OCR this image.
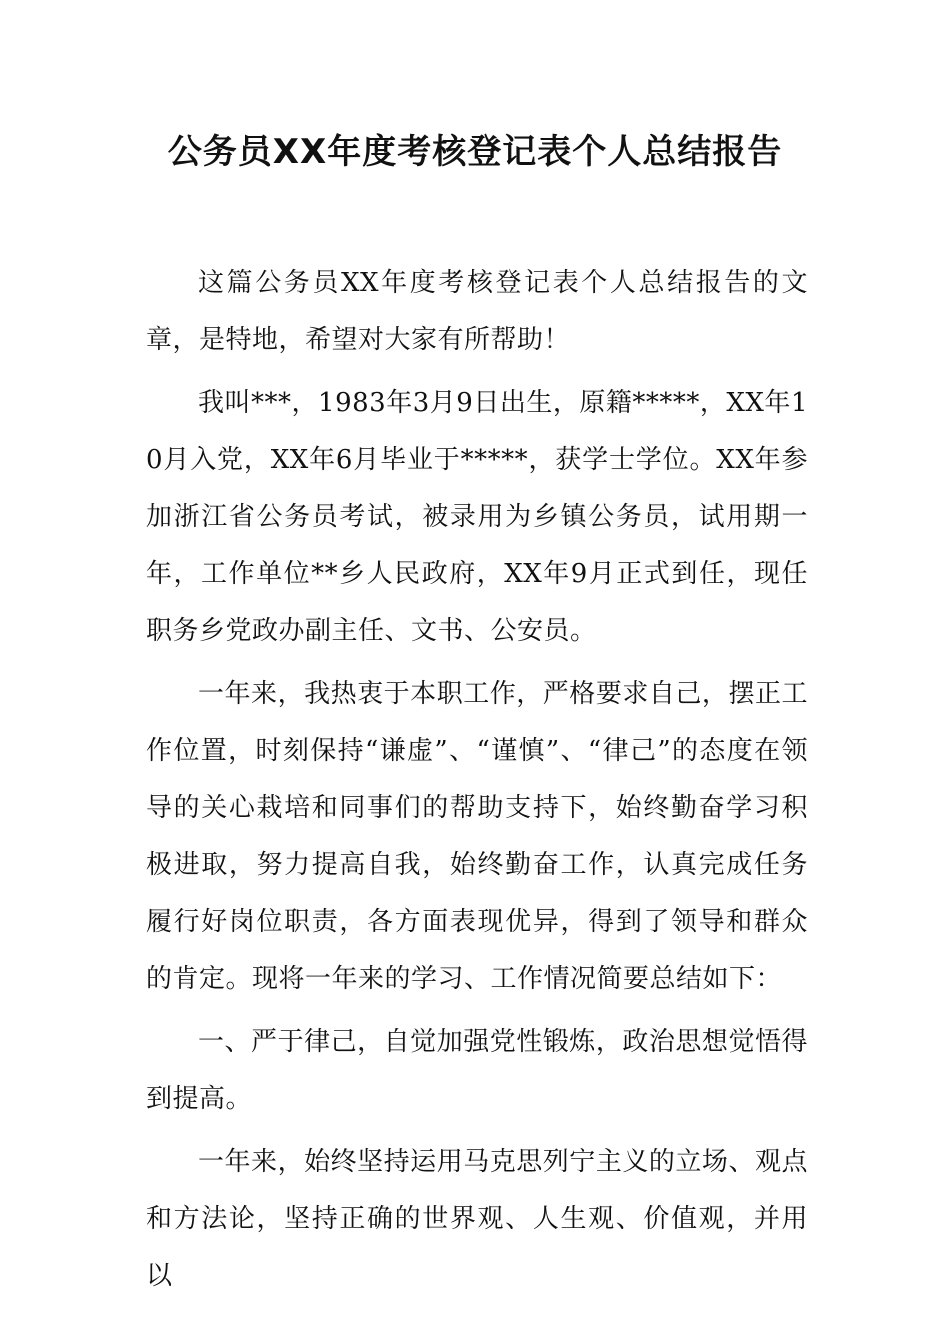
公务员XX年度考核登记表个人总结报告

这篇公务员XX年度考核登记表个人总结报告的文章，是特地，希望对大家有所帮助！

我叫***，1983年3月9日出生，原籍*****，XX年10月入党，XX年6月毕业于*****，获学士学位。XX年参加浙江省公务员考试，被录用为乡镇公务员，试用期一年，工作单位**乡人民政府，XX年9月正式到任，现任职务乡党政办副主任、文书、公安员。

一年来，我热衷于本职工作，严格要求自己，摆正工作位置，时刻保持“谦虚”、“谨慎”、“律己”的态度在领导的关心栽培和同事们的帮助支持下，始终勤奋学习积极进取，努力提高自我，始终勤奋工作，认真完成任务履行好岗位职责，各方面表现优异，得到了领导和群众的肯定。现将一年来的学习、工作情况简要总结如下：

一、严于律己，自觉加强党性锻炼，政治思想觉悟得到提高。

一年来，始终坚持运用马克思列宁主义的立场、观点和方法论，坚持正确的世界观、人生观、价值观，并用以
